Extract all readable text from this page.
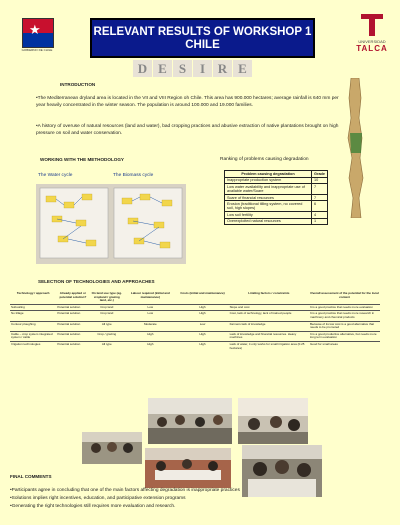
★
GOBIERNO DE CHILE
RELEVANT RESULTS OF WORKSHOP 1
CHILE
D E S I R E
UNIVERSIDAD
TALCA
INTRODUCTION
•The Mediterranean dryland area is located in the VII and VIII Region oh Chile. This area has 900.000 hectares; average rainfall is 640 mm per year heavily concentrated in the winter season. The population is around 100.000 and 19.000 families.
•A history of overuse of natural resources (land and water), bad cropping practices and abusive extraction of native plantations brought on high pressure on soil and water conservation.
WORKING WITH THE METHODOLOGY
The Water cycle	The Biomass cycle
Ranking of problems causing degradation
Problem causing degradation	Grade
Inappropriate production system	10
Low water availability and inappropriate use of available water/Soare	7
Scare of financial resources	7
Erosion (traditional tilling system, no covered soil, high slopes)	6
Low soil fertility	4
Overexploited natural resources	1
SELECTION OF TECHNOLOGIES AND APPROACHES
Technology / approach	Already applied or potential solution?	On land use type (eg. cropland / grazing land, etc.)	Labour required (initial and maintenance)	Costs (initial and maintenance)	Limiting factors / constraints	Overall assessment of the potential for the local context
Subsoiling	Potential solution	Crop land	Low	High	Slope and cost	It is a good practice that needs more evaluation
No tillage	Potential solution	Crop land	Low	High	Cost, lack of technology, lack of trained people	It is a good practice that needs more research in machinery and chemical products
Contour ploughing	Potential solution	All type	Moderate	Low	Farmers lack of knowledge	Because of its low cost is a good alternative that needs to be promoted
Cattle – crop system integrated system / cattle	Potential solution	Crop / grazing	High	High	Lack of knowledge and financial resources. Heavy machines	It is a good productive alternative, but needs more long term evaluation
Irrigation technologies	Potential solution	All type	High	High	Lack of water, it only works for small irrigation area (0.25 hectares)	Good for small areas
FINAL COMMENTS
•Participants agree in concluding that one of the main factors affecting degradation is inappropriate practices
•Solutions implies right incentives, education, and participative extension programs
•Generating the right technologies still requires more evaluation and research.
